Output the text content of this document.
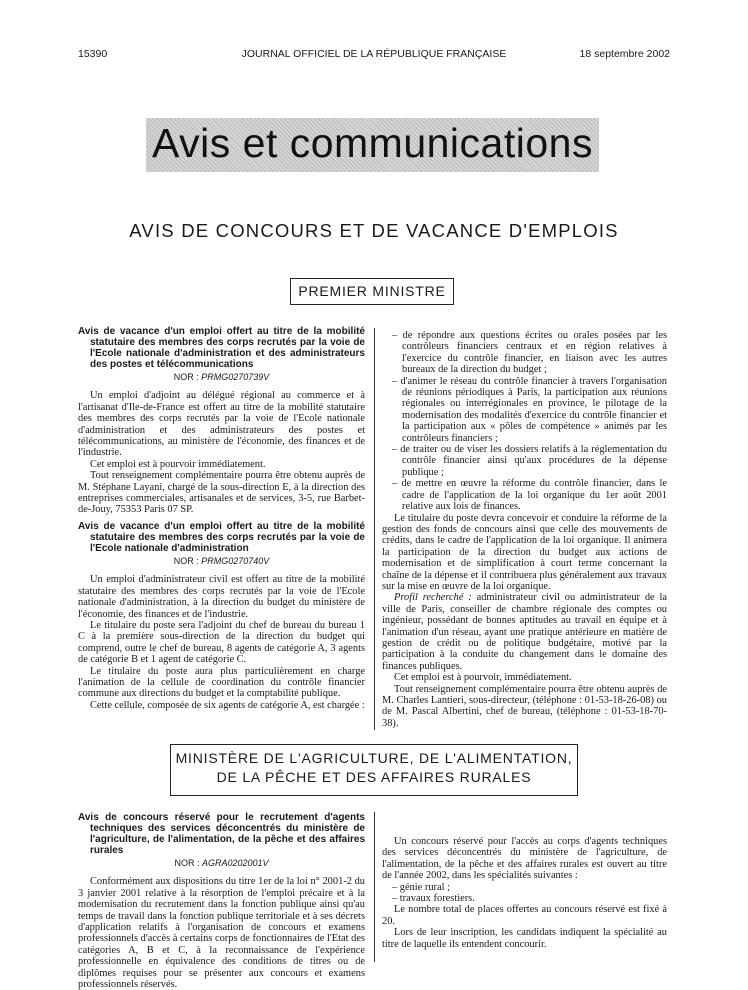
15390	JOURNAL OFFICIEL DE LA RÉPUBLIQUE FRANÇAISE	18 septembre 2002
Avis et communications
AVIS DE CONCOURS ET DE VACANCE D'EMPLOIS
PREMIER MINISTRE

Avis de vacance d'un emploi offert au titre de la mobilité statutaire des membres des corps recrutés par la voie de l'Ecole nationale d'administration et des administrateurs des postes et télécommunications

NOR : PRMG0270739V

Un emploi d'adjoint au délégué régional au commerce et à l'artisanat d'Ile-de-France est offert au titre de la mobilité statutaire des membres des corps recrutés par la voie de l'Ecole nationale d'administration et des administrateurs des postes et télécommunications, au ministère de l'économie, des finances et de l'industrie.

Cet emploi est à pourvoir immédiatement.

Tout renseignement complémentaire pourra être obtenu auprès de M. Stéphane Layani, chargé de la sous-direction E, à la direction des entreprises commerciales, artisanales et de services, 3-5, rue Barbet-de-Jouy, 75353 Paris 07 SP.

Avis de vacance d'un emploi offert au titre de la mobilité statutaire des membres des corps recrutés par la voie de l'Ecole nationale d'administration

NOR : PRMG0270740V

Un emploi d'administrateur civil est offert au titre de la mobilité statutaire des membres des corps recrutés par la voie de l'Ecole nationale d'administration, à la direction du budget du ministère de l'économie, des finances et de l'industrie.

Le titulaire du poste sera l'adjoint du chef de bureau du bureau 1 C à la première sous-direction de la direction du budget qui comprend, outre le chef de bureau, 8 agents de catégorie A, 3 agents de catégorie B et 1 agent de catégorie C.

Le titulaire du poste aura plus particulièrement en charge l'animation de la cellule de coordination du contrôle financier commune aux directions du budget et la comptabilité publique.

Cette cellule, composée de six agents de catégorie A, est chargée :

– de répondre aux questions écrites ou orales posées par les contrôleurs financiers centraux et en région relatives à l'exercice du contrôle financier, en liaison avec les autres bureaux de la direction du budget ;

– d'animer le réseau du contrôle financier à travers l'organisation de réunions périodiques à Paris, la participation aux réunions régionales ou interrégionales en province, le pilotage de la modernisation des modalités d'exercice du contrôle financier et la participation aux « pôles de compétence » animés par les contrôleurs financiers ;

– de traiter ou de viser les dossiers relatifs à la réglementation du contrôle financier ainsi qu'aux procédures de la dépense publique ;

– de mettre en œuvre la réforme du contrôle financier, dans le cadre de l'application de la loi organique du 1er août 2001 relative aux lois de finances.

Le titulaire du poste devra concevoir et conduire la réforme de la gestion des fonds de concours ainsi que celle des mouvements de crédits, dans le cadre de l'application de la loi organique. Il animera la participation de la direction du budget aux actions de modernisation et de simplification à court terme concernant la chaîne de la dépense et il contribuera plus généralement aux travaux sur la mise en œuvre de la loi organique.

Profil recherché : administrateur civil ou administrateur de la ville de Paris, conseiller de chambre régionale des comptes ou ingénieur, possédant de bonnes aptitudes au travail en équipe et à l'animation d'un réseau, ayant une pratique antérieure en matière de gestion de crédit ou de politique budgétaire, motivé par la participation à la conduite du changement dans le domaine des finances publiques.

Cet emploi est à pourvoir, immédiatement.

Tout renseignement complémentaire pourra être obtenu auprès de M. Charles Lantieri, sous-directeur, (téléphone : 01-53-18-26-08) ou de M. Pascal Albertini, chef de bureau, (téléphone : 01-53-18-70-38).

MINISTÈRE DE L'AGRICULTURE, DE L'ALIMENTATION,
DE LA PÊCHE ET DES AFFAIRES RURALES

Avis de concours réservé pour le recrutement d'agents techniques des services déconcentrés du ministère de l'agriculture, de l'alimentation, de la pêche et des affaires rurales

NOR : AGRA0202001V

Conformément aux dispositions du titre 1er de la loi n° 2001-2 du 3 janvier 2001 relative à la résorption de l'emploi précaire et à la modernisation du recrutement dans la fonction publique ainsi qu'au temps de travail dans la fonction publique territoriale et à ses décrets d'application relatifs à l'organisation de concours et examens professionnels d'accès à certains corps de fonctionnaires de l'Etat des catégories A, B et C, à la reconnaissance de l'expérience professionnelle en équivalence des conditions de titres ou de diplômes requises pour se présenter aux concours et examens professionnels réservés.

Un concours réservé pour l'accès au corps d'agents techniques des services déconcentrés du ministère de l'agriculture, de l'alimentation, de la pêche et des affaires rurales est ouvert au titre de l'année 2002, dans les spécialités suivantes :

– génie rural ;

– travaux forestiers.

Le nombre total de places offertes au concours réservé est fixé à 20.

Lors de leur inscription, les candidats indiquent la spécialité au titre de laquelle ils entendent concourir.
